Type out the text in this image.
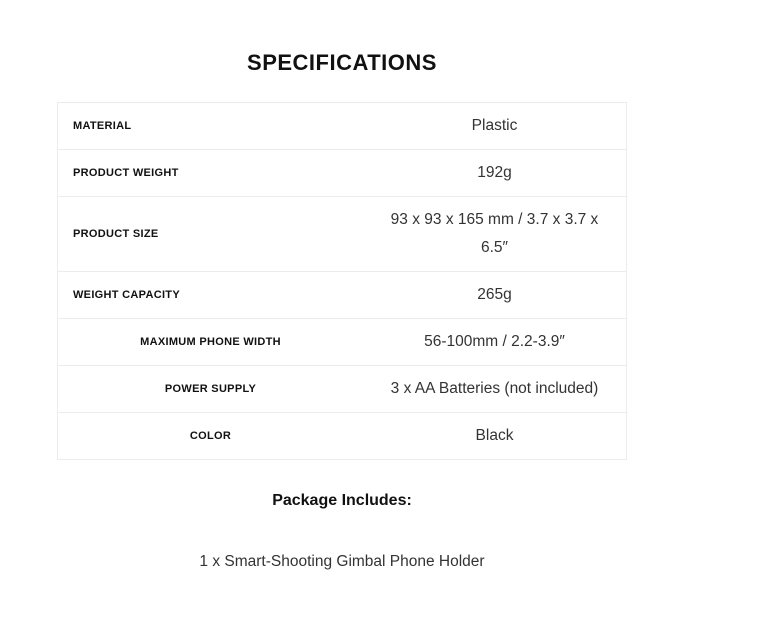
SPECIFICATIONS
MATERIAL	Plastic
PRODUCT WEIGHT	192g
PRODUCT SIZE	93 x 93 x 165 mm / 3.7 x 3.7 x 6.5″
WEIGHT CAPACITY	265g
MAXIMUM PHONE WIDTH	56-100mm / 2.2-3.9″
POWER SUPPLY	3 x AA Batteries (not included)
COLOR	Black
Package Includes:

1 x Smart-Shooting Gimbal Phone Holder
